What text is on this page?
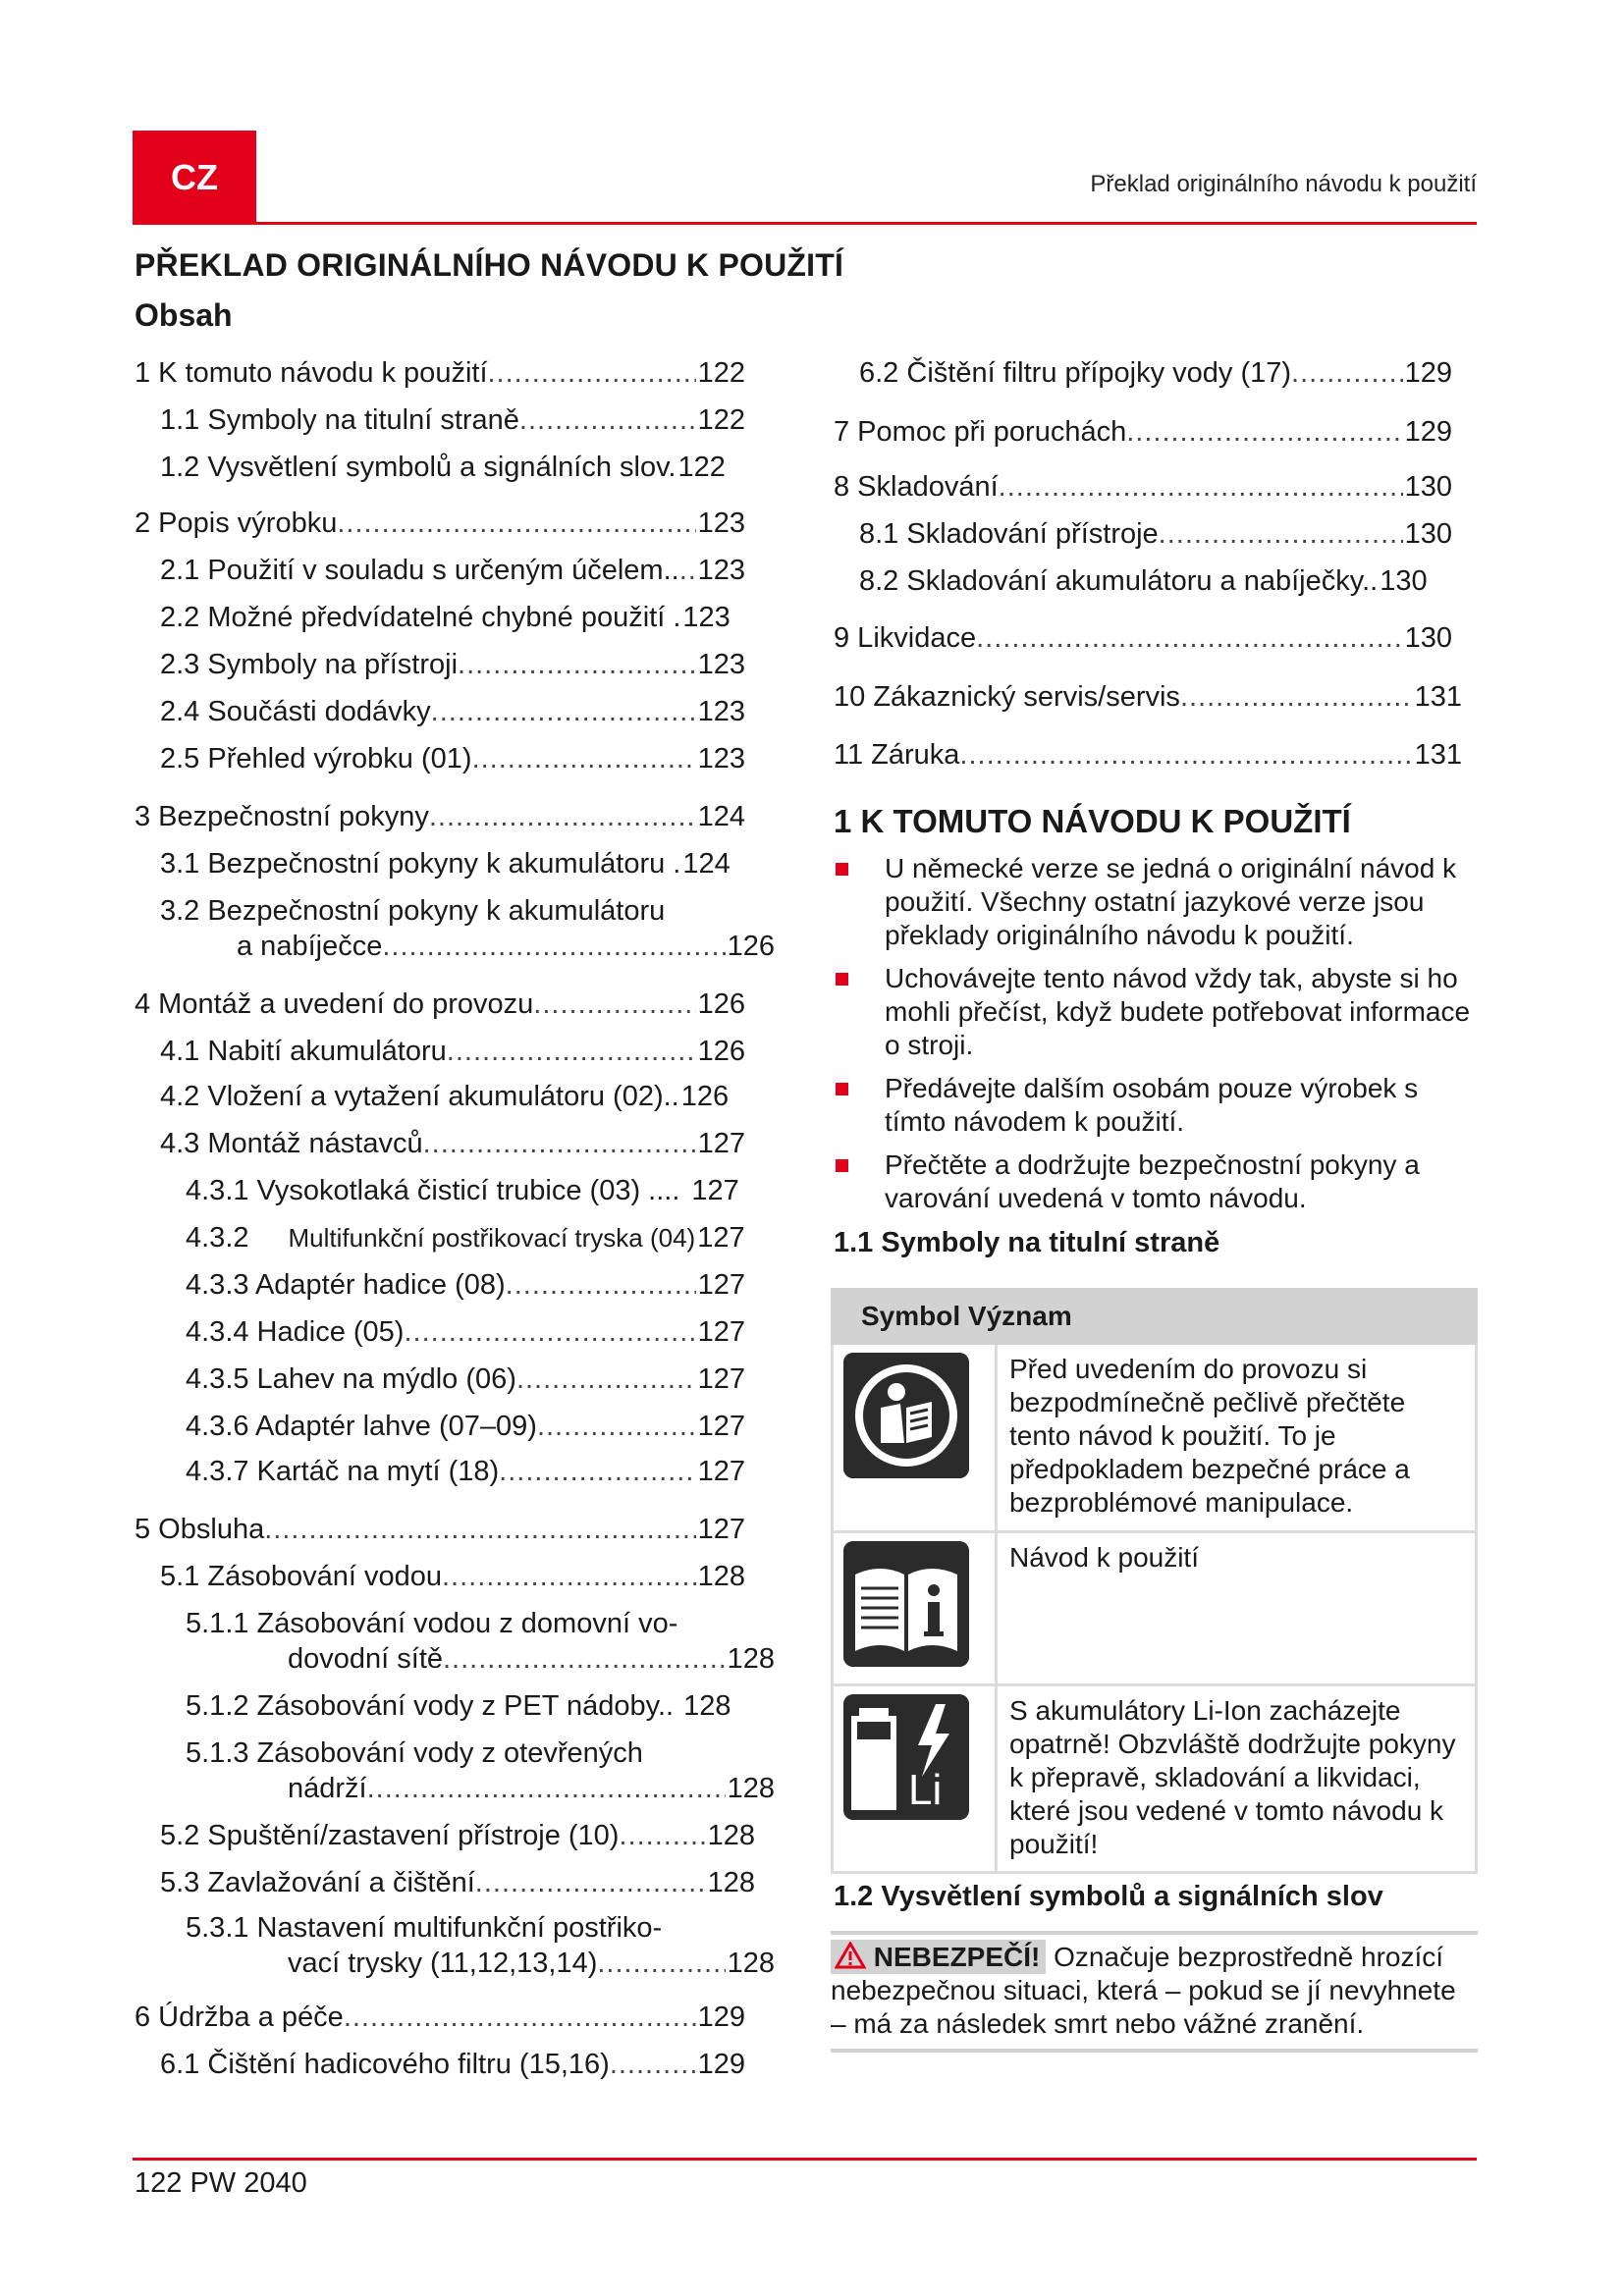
CZ	Překlad originálního návodu k použití
PŘEKLAD ORIGINÁLNÍHO NÁVODU K POUŽITÍ
Obsah
1 K tomuto návodu k použití .....	122
1.1 Symboly na titulní straně .....	122
1.2 Vysvětlení symbolů a signálních slov. 122
2 Popis výrobku .....	123
2.1 Použití v souladu s určeným účelem.. ..... 123
2.2 Možné předvídatelné chybné použití . 123
2.3 Symboly na přístroji .....	123
2.4 Součásti dodávky .....	123
2.5 Přehled výrobku (01) .....	123
3 Bezpečnostní pokyny .....	124
3.1 Bezpečnostní pokyny k akumulátoru . 124
3.2 Bezpečnostní pokyny k akumulátoru
a nabíječce .....	126
4 Montáž a uvedení do provozu .....	126
4.1 Nabití akumulátoru .....	126
4.2 Vložení a vytažení akumulátoru (02).. 126
4.3 Montáž nástavců .....	127
4.3.1 Vysokotlaká čisticí trubice (03) .... 127
4.3.2	Multifunkční postřikovací tryska (04) 127
4.3.3 Adaptér hadice (08) .....	127
4.3.4 Hadice (05) .....	127
4.3.5 Lahev na mýdlo (06) .....	127
4.3.6 Adaptér lahve (07–09) .....	127
4.3.7 Kartáč na mytí (18) .....	127
5 Obsluha .....	127
5.1 Zásobování vodou .....	128
5.1.1 Zásobování vodou z domovní vo-
dovodní sítě .....	128
5.1.2 Zásobování vody z PET nádoby.. 128
5.1.3 Zásobování vody z otevřených
nádrží .....	128
5.2 Spuštění/zastavení přístroje (10) .....	128
5.3 Zavlažování a čištění .....	128
5.3.1 Nastavení multifunkční postřiko-
vací trysky (11,12,13,14) .....	128
6 Údržba a péče .....	129
6.1 Čištění hadicového filtru (15,16) .....	129
6.2 Čištění filtru přípojky vody (17) .....	129
7 Pomoc při poruchách .....	129
8 Skladování .....	130
8.1 Skladování přístroje .....	130
8.2 Skladování akumulátoru a nabíječky.. 130
9 Likvidace .....	130
10 Zákaznický servis/servis .....	131
11 Záruka .....	131
1 K TOMUTO NÁVODU K POUŽITÍ
U německé verze se jedná o originální návod k použití. Všechny ostatní jazykové verze jsou překlady originálního návodu k použití.
Uchovávejte tento návod vždy tak, abyste si ho mohli přečíst, když budete potřebovat informace o stroji.
Předávejte dalším osobám pouze výrobek s tímto návodem k použití.
Přečtěte a dodržujte bezpečnostní pokyny a varování uvedená v tomto návodu.
1.1 Symboly na titulní straně
Symbol Význam	

	Před uvedením do provozu si bezpodmínečně pečlivě přečtěte tento návod k použití. To je předpokladem bezpečné práce a bezproblémové manipulace.

	Návod k použití

Li	S akumulátory Li-Ion zacházejte opatrně! Obzvláště dodržujte pokyny k přepravě, skladování a likvidaci, které jsou vedené v tomto návodu k použití!
1.2 Vysvětlení symbolů a signálních slov

NEBEZPEČÍ! Označuje bezprostředně hrozící nebezpečnou situaci, která – pokud se jí nevyhnete – má za následek smrt nebo vážné zranění.

122 PW 2040
